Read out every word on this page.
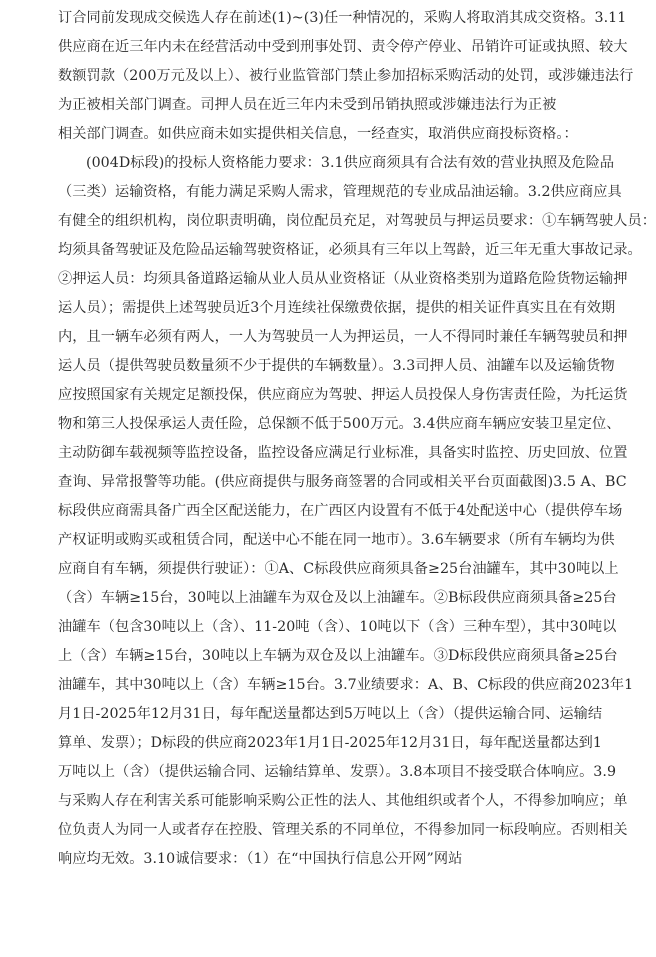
订合同前发现成交候选人存在前述(1)~(3)任一种情况的，采购人将取消其成交资格。3.11
供应商在近三年内未在经营活动中受到刑事处罚、责令停产停业、吊销许可证或执照、较大
数额罚款（200万元及以上）、被行业监管部门禁止参加招标采购活动的处罚，或涉嫌违法行
为正被相关部门调查。司押人员在近三年内未受到吊销执照或涉嫌违法行为正被
相关部门调查。如供应商未如实提供相关信息，一经查实，取消供应商投标资格。：
(004D标段)的投标人资格能力要求：3.1供应商须具有合法有效的营业执照及危险品
（三类）运输资格，有能力满足采购人需求，管理规范的专业成品油运输。3.2供应商应具
有健全的组织机构，岗位职责明确，岗位配员充足，对驾驶员与押运员要求：①车辆驾驶人员：
均须具备驾驶证及危险品运输驾驶资格证，必须具有三年以上驾龄，近三年无重大事故记录。
②押运人员：均须具备道路运输从业人员从业资格证（从业资格类别为道路危险货物运输押
运人员）；需提供上述驾驶员近3个月连续社保缴费依据，提供的相关证件真实且在有效期
内，且一辆车必须有两人，一人为驾驶员一人为押运员，一人不得同时兼任车辆驾驶员和押
运人员（提供驾驶员数量须不少于提供的车辆数量）。3.3司押人员、油罐车以及运输货物
应按照国家有关规定足额投保，供应商应为驾驶、押运人员投保人身伤害责任险，为托运货
物和第三人投保承运人责任险，总保额不低于500万元。3.4供应商车辆应安装卫星定位、
主动防御车载视频等监控设备，监控设备应满足行业标准，具备实时监控、历史回放、位置
查询、异常报警等功能。(供应商提供与服务商签署的合同或相关平台页面截图)3.5 A、BC
标段供应商需具备广西全区配送能力，在广西区内设置有不低于4处配送中心（提供停车场
产权证明或购买或租赁合同，配送中心不能在同一地市）。3.6车辆要求（所有车辆均为供
应商自有车辆，须提供行驶证）：①A、C标段供应商须具备≥25台油罐车，其中30吨以上
（含）车辆≥15台，30吨以上油罐车为双仓及以上油罐车。②B标段供应商须具备≥25台
油罐车（包含30吨以上（含）、11-20吨（含）、10吨以下（含）三种车型），其中30吨以
上（含）车辆≥15台，30吨以上车辆为双仓及以上油罐车。③D标段供应商须具备≥25台
油罐车，其中30吨以上（含）车辆≥15台。3.7业绩要求：A、B、C标段的供应商2023年1
月1日-2025年12月31日，每年配送量都达到5万吨以上（含）（提供运输合同、运输结
算单、发票）；D标段的供应商2023年1月1日-2025年12月31日，每年配送量都达到1
万吨以上（含）（提供运输合同、运输结算单、发票）。3.8本项目不接受联合体响应。3.9
与采购人存在利害关系可能影响采购公正性的法人、其他组织或者个人，不得参加响应；单
位负责人为同一人或者存在控股、管理关系的不同单位，不得参加同一标段响应。否则相关
响应均无效。3.10诚信要求：（1）在“中国执行信息公开网”网站
